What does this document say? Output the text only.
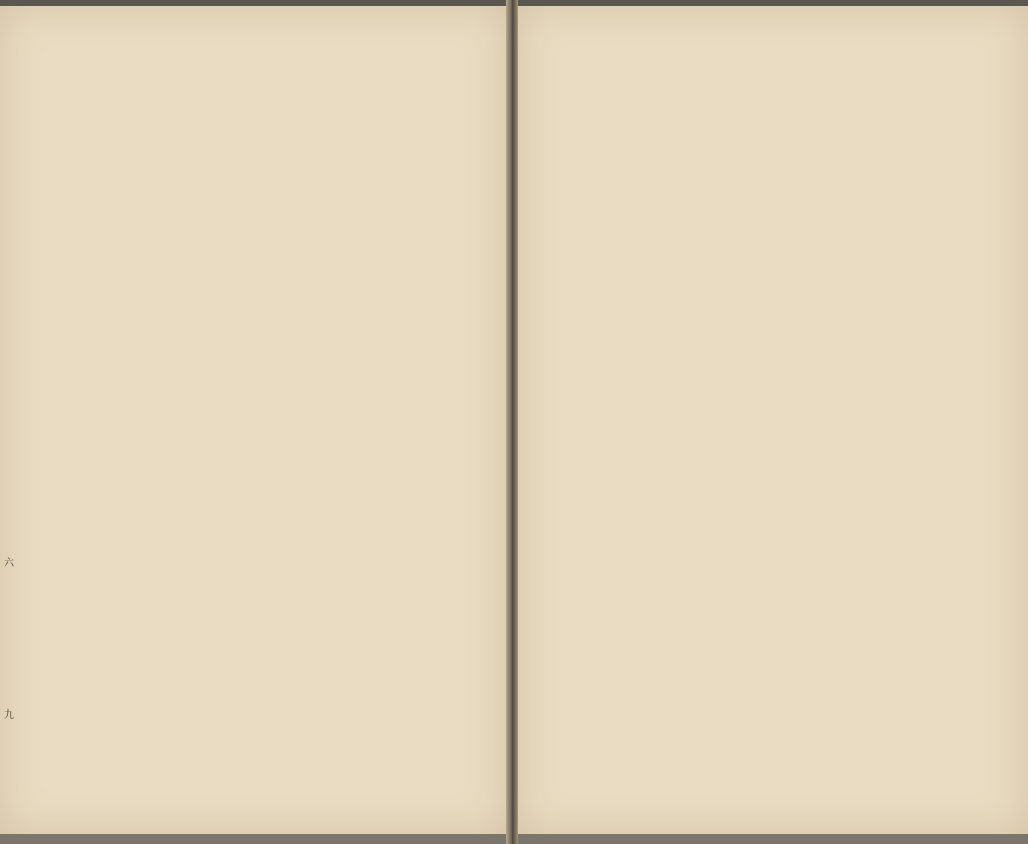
六
九
